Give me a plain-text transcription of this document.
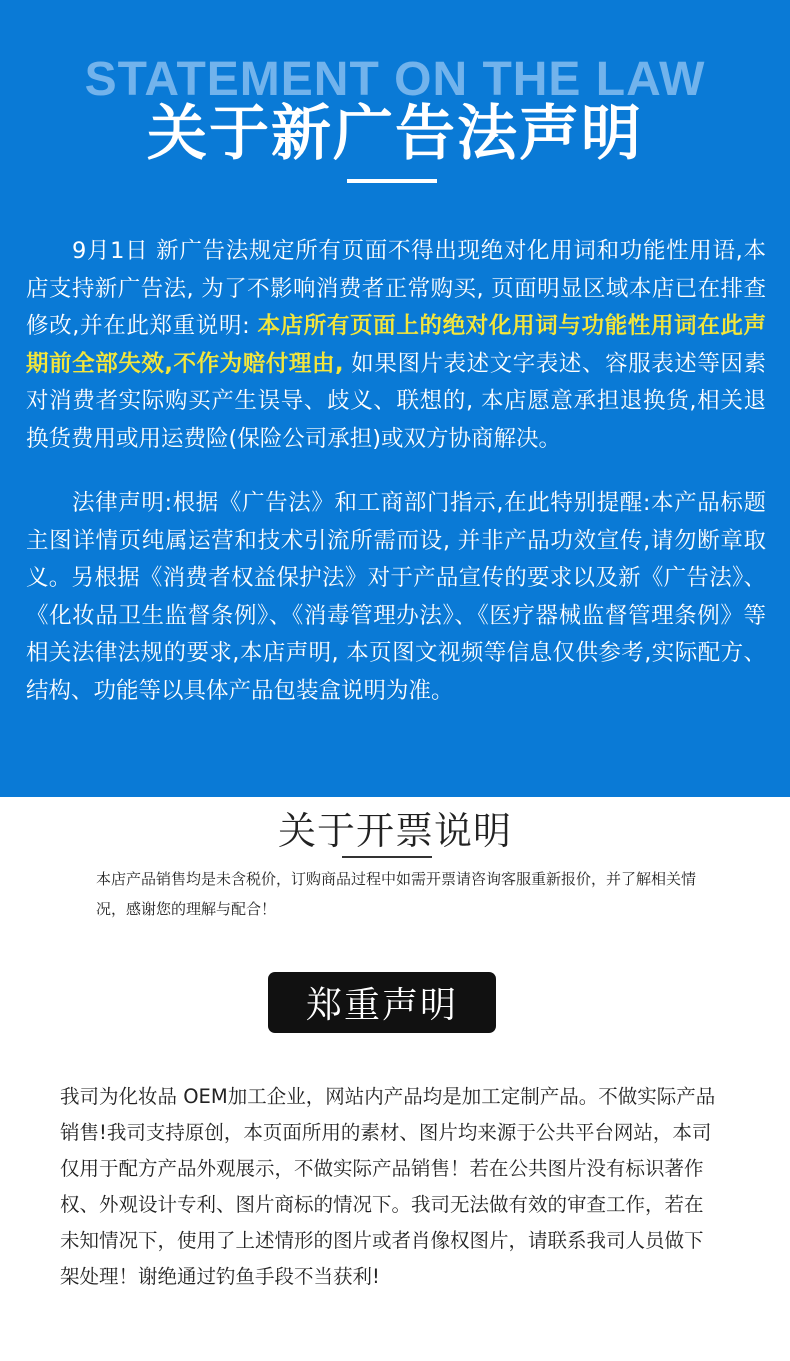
STATEMENT ON THE LAW
关于新广告法声明
9月1日 新广告法规定所有页面不得出现绝对化用词和功能性用语,本店支持新广告法, 为了不影响消费者正常购买, 页面明显区域本店已在排查修改,并在此郑重说明: 本店所有页面上的绝对化用词与功能性用词在此声期前全部失效,不作为赔付理由, 如果图片表述文字表述、容服表述等因素对消费者实际购买产生误导、歧义、联想的, 本店愿意承担退换货,相关退换货费用或用运费险(保险公司承担)或双方协商解决。
法律声明:根据《广告法》和工商部门指示,在此特别提醒:本产品标题主图详情页纯属运营和技术引流所需而设, 并非产品功效宣传,请勿断章取义。另根据《消费者权益保护法》对于产品宣传的要求以及新《广告法》、《化妆品卫生监督条例》、《消毒管理办法》、《医疗器械监督管理条例》等相关法律法规的要求,本店声明, 本页图文视频等信息仅供参考,实际配方、结构、功能等以具体产品包装盒说明为准。
关于开票说明
本店产品销售均是未含税价，订购商品过程中如需开票请咨询客服重新报价，并了解相关情况，感谢您的理解与配合！
郑重声明
我司为化妆品 OEM加工企业，网站内产品均是加工定制产品。不做实际产品销售!我司支持原创，本页面所用的素材、图片均来源于公共平台网站，本司仅用于配方产品外观展示，不做实际产品销售！若在公共图片没有标识著作权、外观设计专利、图片商标的情况下。我司无法做有效的审查工作，若在未知情况下，使用了上述情形的图片或者肖像权图片，请联系我司人员做下架处理！谢绝通过钓鱼手段不当获利!
